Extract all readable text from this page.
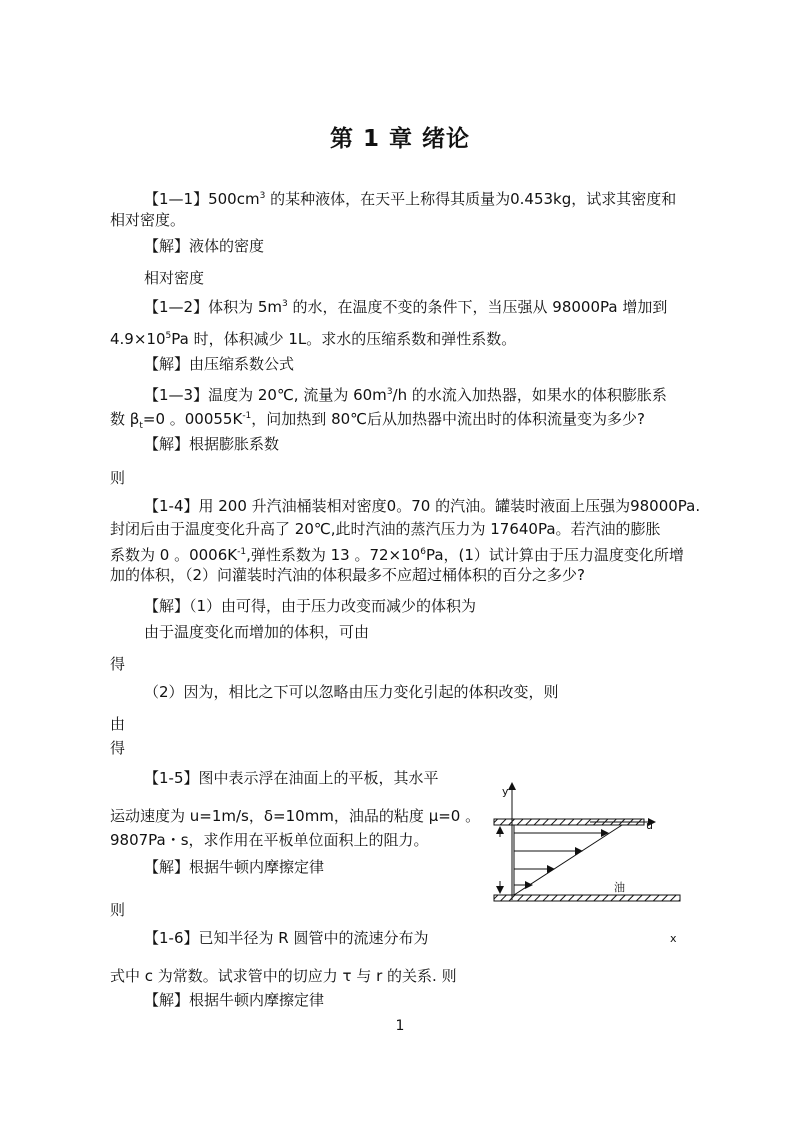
第 1 章 绪论
【1—1】$500cm^3$ 的某种液体，在天平上称得其质量为0.453kg，试求其密度和
相对密度。
【解】液体的密度
相对密度
【1—2】体积为 $5m^3$ 的水，在温度不变的条件下，当压强从 98000Pa 增加到
$4.9\times 10^5Pa$ 时，体积减少 1L。求水的压缩系数和弹性系数。
【解】由压缩系数公式
【1—3】温度为 20℃, 流量为 $60m^3/h$ 的水流入加热器，如果水的体积膨胀系
数 $\beta_t=0$ 。$00055K^{-1}$，问加热到 80℃后从加热器中流出时的体积流量变为多少?
【解】根据膨胀系数
则
【1-4】用 200 升汽油桶装相对密度0。70 的汽油。罐装时液面上压强为98000Pa.
封闭后由于温度变化升高了 20℃,此时汽油的蒸汽压力为 17640Pa。若汽油的膨胀
系数为 0 。$0006K^{-1}$,弹性系数为 13 。$72\times 10^6Pa$，(1）试计算由于压力温度变化所增
加的体积，（2）问灌装时汽油的体积最多不应超过桶体积的百分之多少?
【解】（1）由可得，由于压力改变而减少的体积为
由于温度变化而增加的体积，可由
得
（2）因为，相比之下可以忽略由压力变化引起的体积改变，则
由
得
【1-5】图中表示浮在油面上的平板，其水平
运动速度为 u=1m/s，δ=10mm，油品的粘度 μ=0 。
9807Pa・s，求作用在平板单位面积上的阻力。
【解】根据牛顿内摩擦定律
则
y
u
油
x
【1-6】已知半径为 R 圆管中的流速分布为
式中 c 为常数。试求管中的切应力 τ 与 r 的关系. 则
【解】根据牛顿内摩擦定律
1
